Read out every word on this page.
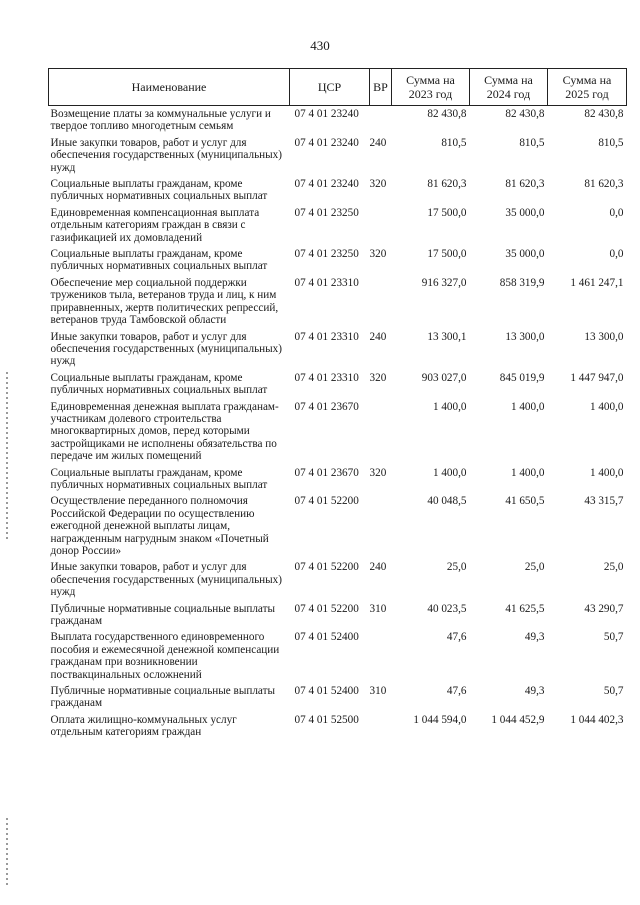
430
Наименование	ЦСР	ВР	Сумма на 2023 год	Сумма на 2024 год	Сумма на 2025 год
Возмещение платы за коммунальные услуги и твердое топливо многодетным семьям	07 4 01 23240		82 430,8	82 430,8	82 430,8
Иные закупки товаров, работ и услуг для обеспечения государственных (муниципальных) нужд	07 4 01 23240	240	810,5	810,5	810,5
Социальные выплаты гражданам, кроме публичных нормативных социальных выплат	07 4 01 23240	320	81 620,3	81 620,3	81 620,3
Единовременная компенсационная выплата отдельным категориям граждан в связи с газификацией их домовладений	07 4 01 23250		17 500,0	35 000,0	0,0
Социальные выплаты гражданам, кроме публичных нормативных социальных выплат	07 4 01 23250	320	17 500,0	35 000,0	0,0
Обеспечение мер социальной поддержки тружеников тыла, ветеранов труда и лиц, к ним приравненных, жертв политических репрессий, ветеранов труда Тамбовской области	07 4 01 23310		916 327,0	858 319,9	1 461 247,1
Иные закупки товаров, работ и услуг для обеспечения государственных (муниципальных) нужд	07 4 01 23310	240	13 300,1	13 300,0	13 300,0
Социальные выплаты гражданам, кроме публичных нормативных социальных выплат	07 4 01 23310	320	903 027,0	845 019,9	1 447 947,0
Единовременная денежная выплата гражданам-участникам долевого строительства многоквартирных домов, перед которыми застройщиками не исполнены обязательства по передаче им жилых помещений	07 4 01 23670		1 400,0	1 400,0	1 400,0
Социальные выплаты гражданам, кроме публичных нормативных социальных выплат	07 4 01 23670	320	1 400,0	1 400,0	1 400,0
Осуществление переданного полномочия Российской Федерации по осуществлению ежегодной денежной выплаты лицам, награжденным нагрудным знаком «Почетный донор России»	07 4 01 52200		40 048,5	41 650,5	43 315,7
Иные закупки товаров, работ и услуг для обеспечения государственных (муниципальных) нужд	07 4 01 52200	240	25,0	25,0	25,0
Публичные нормативные социальные выплаты гражданам	07 4 01 52200	310	40 023,5	41 625,5	43 290,7
Выплата государственного единовременного пособия и ежемесячной денежной компенсации гражданам при возникновении поствакцинальных осложнений	07 4 01 52400		47,6	49,3	50,7
Публичные нормативные социальные выплаты гражданам	07 4 01 52400	310	47,6	49,3	50,7
Оплата жилищно-коммунальных услуг отдельным категориям граждан	07 4 01 52500		1 044 594,0	1 044 452,9	1 044 402,3
